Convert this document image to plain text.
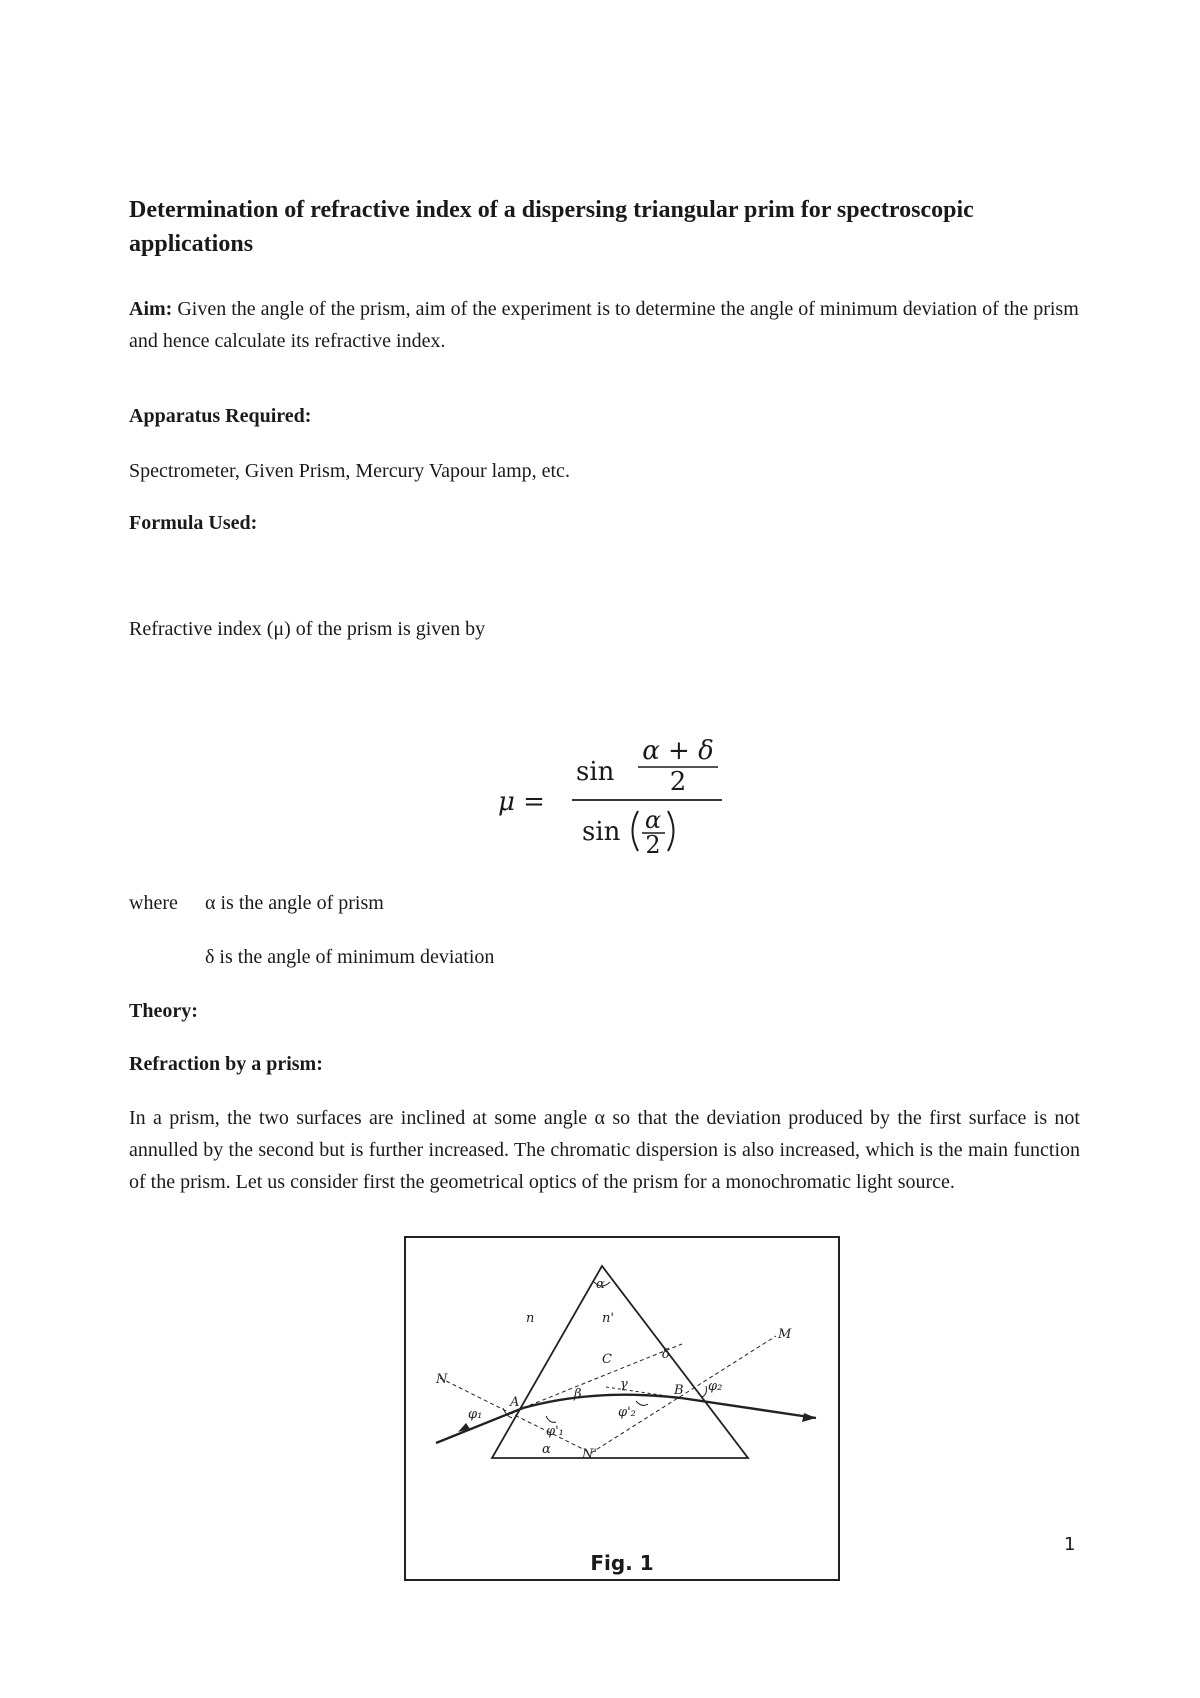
Determination of refractive index of a dispersing triangular prim for spectroscopic applications
Aim: Given the angle of the prism, aim of the experiment is to determine the angle of minimum deviation of the prism and hence calculate its refractive index.
Apparatus Required:
Spectrometer, Given Prism, Mercury Vapour lamp, etc.
Formula Used:
Refractive index (μ) of the prism is given by
μ =
sin
α + δ
2
sin α
2
where α is the angle of prism
δ is the angle of minimum deviation
Theory:
Refraction by a prism:
In a prism, the two surfaces are inclined at some angle α so that the deviation produced by the first surface is not annulled by the second but is further increased. The chromatic dispersion is also increased, which is the main function of the prism. Let us consider first the geometrical optics of the prism for a monochromatic light source.
α
n	n'
C	δ
M
N
A
B
β
γ
φ₁
φ'₁
φ'₂
φ₂
α N'
Fig. 1
1
